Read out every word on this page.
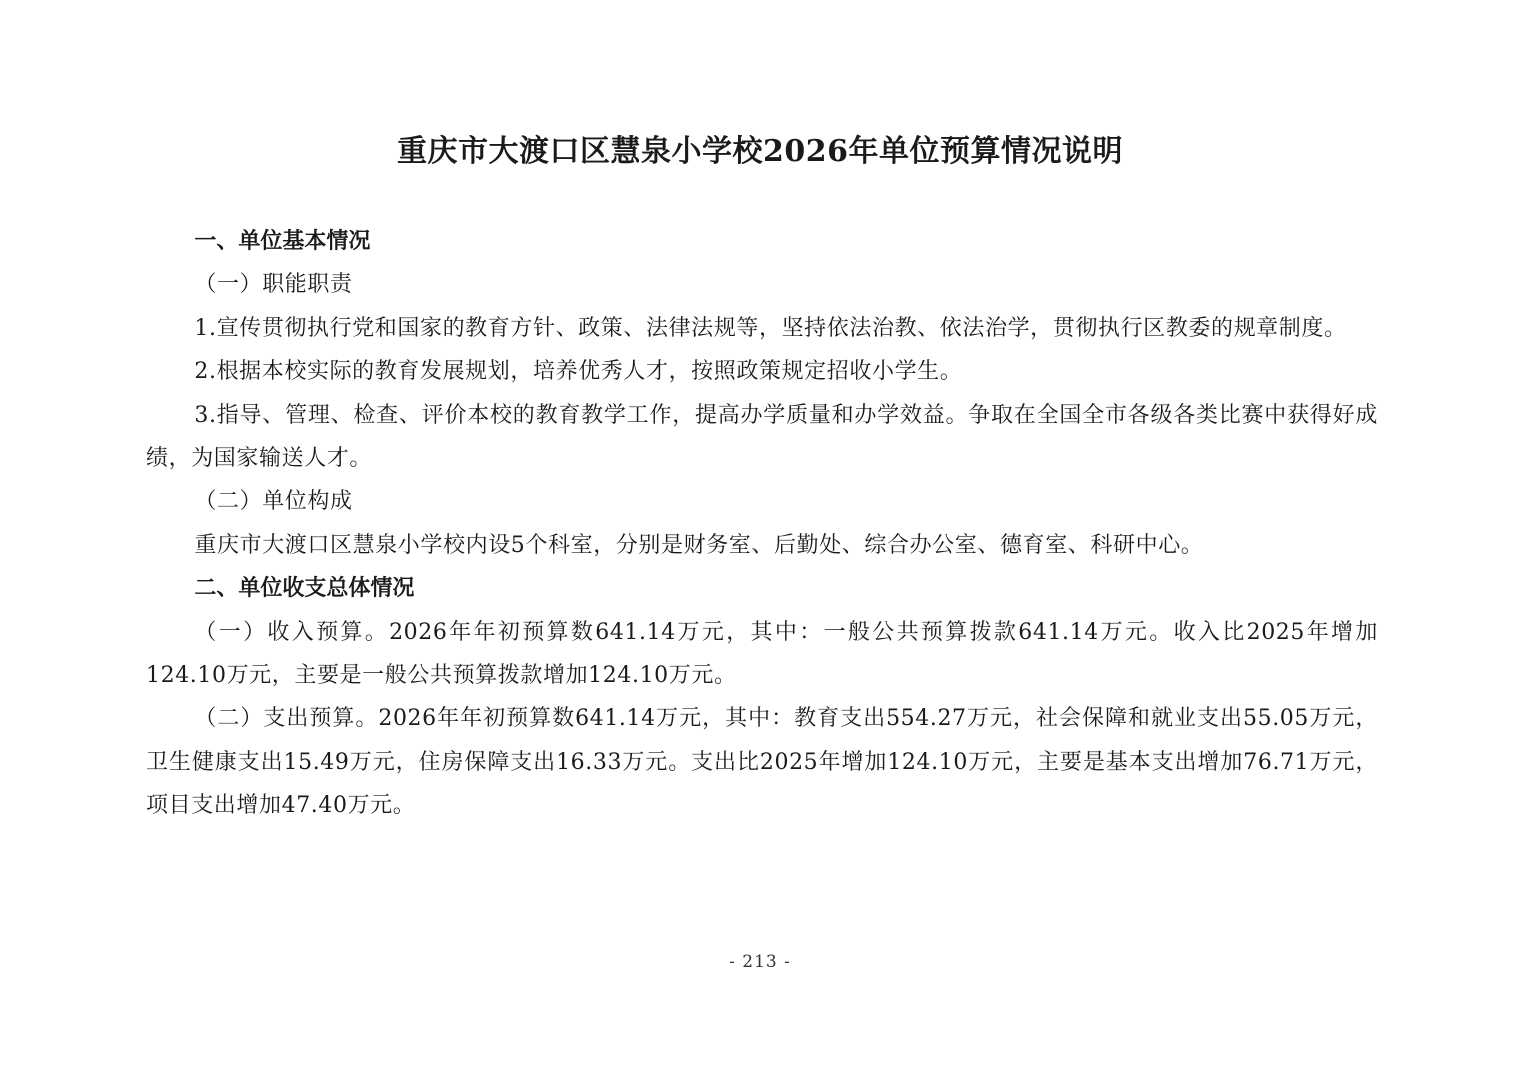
重庆市大渡口区慧泉小学校2026年单位预算情况说明

一、单位基本情况

（一）职能职责

1.宣传贯彻执行党和国家的教育方针、政策、法律法规等，坚持依法治教、依法治学，贯彻执行区教委的规章制度。

2.根据本校实际的教育发展规划，培养优秀人才，按照政策规定招收小学生。

3.指导、管理、检查、评价本校的教育教学工作，提高办学质量和办学效益。争取在全国全市各级各类比赛中获得好成绩，为国家输送人才。

（二）单位构成

重庆市大渡口区慧泉小学校内设5个科室，分别是财务室、后勤处、综合办公室、德育室、科研中心。

二、单位收支总体情况

（一）收入预算。2026年年初预算数641.14万元，其中：一般公共预算拨款641.14万元。收入比2025年增加124.10万元，主要是一般公共预算拨款增加124.10万元。

（二）支出预算。2026年年初预算数641.14万元，其中：教育支出554.27万元，社会保障和就业支出55.05万元，卫生健康支出15.49万元，住房保障支出16.33万元。支出比2025年增加124.10万元，主要是基本支出增加76.71万元，项目支出增加47.40万元。

- 213 -
